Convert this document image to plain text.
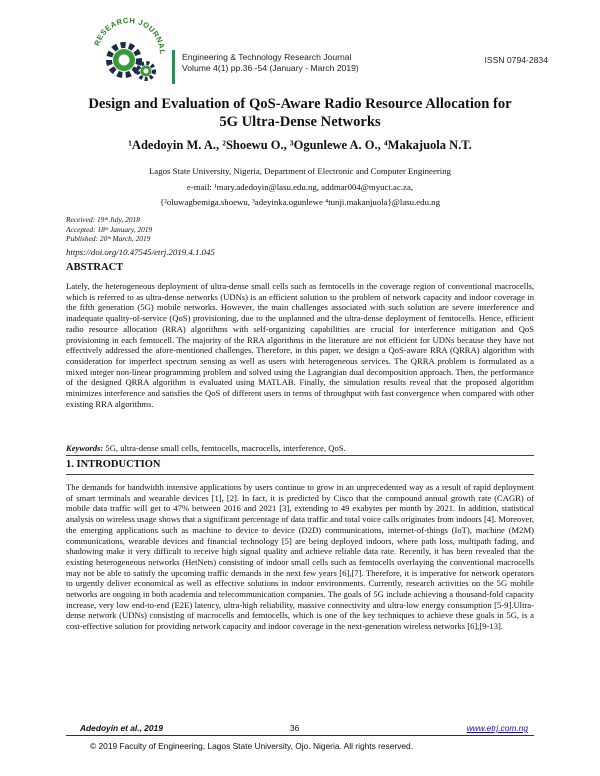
RESEARCH JOURNAL Engineering & Technology Research Journal
Volume 4(1) pp.36 -54 (January - March 2019)
ISSN 0794-2834
Design and Evaluation of QoS-Aware Radio Resource Allocation for
5G Ultra-Dense Networks
¹Adedoyin M. A., ²Shoewu O., ³Ogunlewe A. O., ⁴Makajuola N.T.
Lagos State University, Nigeria, Department of Electronic and Computer Engineering
e-mail: ¹mary.adedoyin@lasu.edu.ng, addmar004@myuct.ac.za,
{²oluwagbemiga.shoewu, ³adeyinka.ogunlewe ⁴tunji.makanjuola}@lasu.edu.ng
Received: 19ᵗʰ July, 2018
Accepted: 18ᵗʰ January, 2019
Published: 20ᵗʰ March, 2019
https://doi.org/10.47545/etrj.2019.4.1.045
ABSTRACT
Lately, the heterogeneous deployment of ultra-dense small cells such as femtocells in the coverage region of conventional macrocells, which is referred to as ultra-dense networks (UDNs) is an efficient solution to the problem of network capacity and indoor coverage in the fifth generation (5G) mobile networks. However, the main challenges associated with such solution are severe interference and inadequate quality-of-service (QoS) provisioning, due to the unplanned and the ultra-dense deployment of femtocells. Hence, efficient radio resource allocation (RRA) algorithms with self-organizing capabilities are crucial for interference mitigation and QoS provisioning in each femtocell. The majority of the RRA algorithms in the literature are not efficient for UDNs because they have not effectively addressed the afore-mentioned challenges. Therefore, in this paper, we design a QoS-aware RRA (QRRA) algorithm with consideration for imperfect spectrum sensing as well as users with heterogeneous services. The QRRA problem is formulated as a mixed integer non-linear programming problem and solved using the Lagrangian dual decomposition approach. Then, the performance of the designed QRRA algorithm is evaluated using MATLAB. Finally, the simulation results reveal that the proposed algorithm minimizes interference and satisfies the QoS of different users in terms of throughput with fast convergence when compared with other existing RRA algorithms.
Keywords: 5G, ultra-dense small cells, femtocells, macrocells, interference, QoS.
1. INTRODUCTION
The demands for bandwidth intensive applications by users continue to grow in an unprecedented way as a result of rapid deployment of smart terminals and wearable devices [1], [2]. In fact, it is predicted by Cisco that the compound annual growth rate (CAGR) of mobile data traffic will get to 47% between 2016 and 2021 [3], extending to 49 exabytes per month by 2021. In addition, statistical analysis on wireless usage shows that a significant percentage of data traffic and total voice calls originates from indoors [4]. Moreover, the emerging applications such as machine to device to device (D2D) communications, internet-of-things (IoT), machine (M2M) communications, wearable devices and financial technology [5] are being deployed indoors, where path loss, multipath fading, and shadowing make it very difficult to receive high signal quality and achieve reliable data rate. Recently, it has been revealed that the existing heterogeneous networks (HetNets) consisting of indoor small cells such as femtocells overlaying the conventional macrocells may not be able to satisfy the upcoming traffic demands in the next few years [6],[7]. Therefore, it is imperative for network operators to urgently deliver economical as well as effective solutions in indoor environments. Currently, research activities on the 5G mobile networks are ongoing in both academia and telecommunication companies. The goals of 5G include achieving a thousand-fold capacity increase, very low end-to-end (E2E) latency, ultra-high reliability, massive connectivity and ultra-low energy consumption [5-9].Ultra-dense network (UDNs) consisting of macrocells and femtocells, which is one of the key techniques to achieve these goals in 5G, is a cost-effective solution for providing network capacity and indoor coverage in the next-generation wireless networks [6],[9-13].
Adedoyin et al., 2019	36	www.etrj.com.ng
© 2019 Faculty of Engineering, Lagos State University, Ojo. Nigeria. All rights reserved.
